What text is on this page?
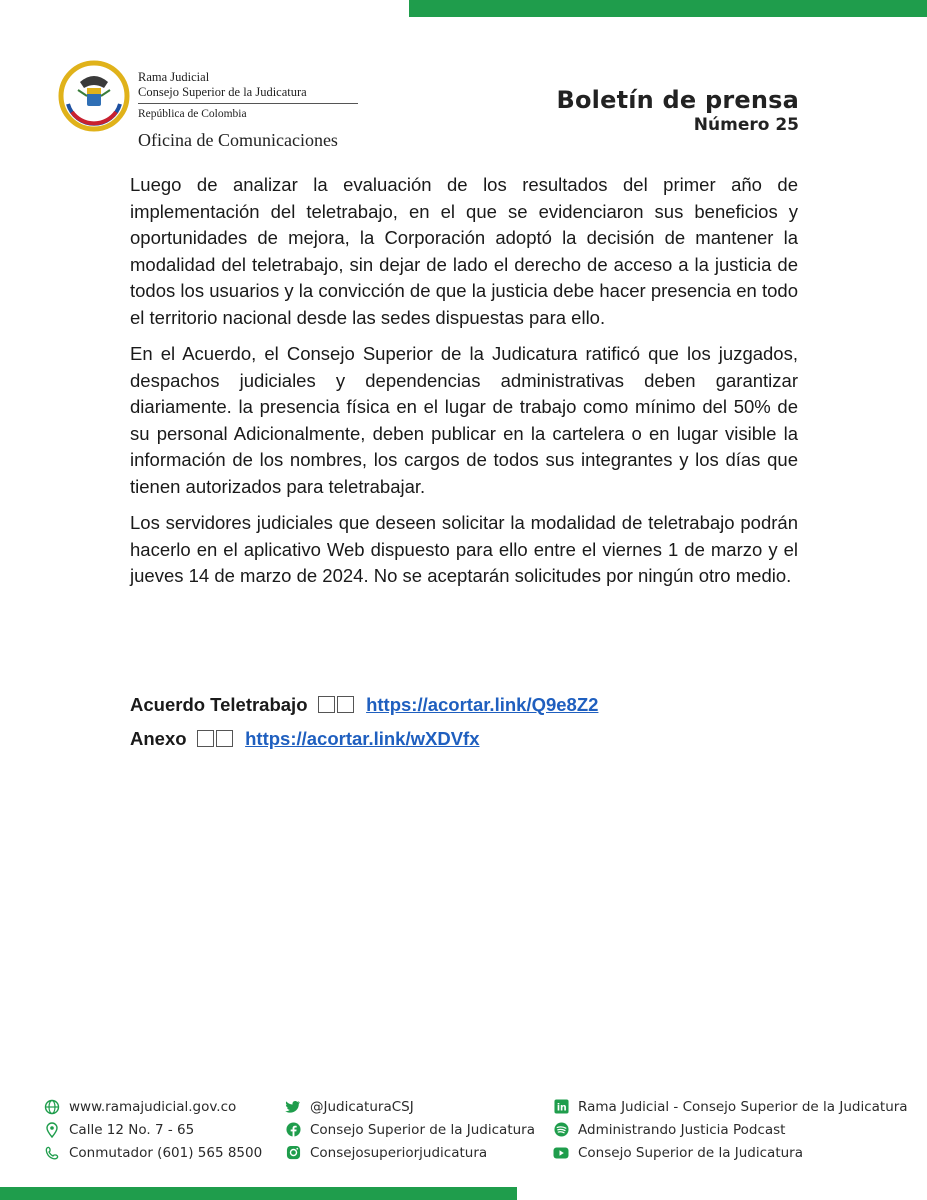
Rama Judicial
Consejo Superior de la Judicatura
República de Colombia
Oficina de Comunicaciones
Boletín de prensa
Número 25

Luego de analizar la evaluación de los resultados del primer año de implementación del teletrabajo, en el que se evidenciaron sus beneficios y oportunidades de mejora, la Corporación adoptó la decisión de mantener la modalidad del teletrabajo, sin dejar de lado el derecho de acceso a la justicia de todos los usuarios y la convicción de que la justicia debe hacer presencia en todo el territorio nacional desde las sedes dispuestas para ello.

En el Acuerdo, el Consejo Superior de la Judicatura ratificó que los juzgados, despachos judiciales y dependencias administrativas deben garantizar diariamente. la presencia física en el lugar de trabajo como mínimo del 50% de su personal Adicionalmente, deben publicar en la cartelera o en lugar visible la información de los nombres, los cargos de todos sus integrantes y los días que tienen autorizados para teletrabajar.

Los servidores judiciales que deseen solicitar la modalidad de teletrabajo podrán hacerlo en el aplicativo Web dispuesto para ello entre el viernes 1 de marzo y el jueves 14 de marzo de 2024. No se aceptarán solicitudes por ningún otro medio.

Acuerdo Teletrabajo	https://acortar.link/Q9e8Z2
Anexo	https://acortar.link/wXDVfx
www.ramajudicial.gov.co
Calle 12 No. 7 - 65
Conmutador (601) 565 8500
@JudicaturaCSJ
Consejo Superior de la Judicatura
Consejosuperiorjudicatura
in Rama Judicial - Consejo Superior de la Judicatura
Administrando Justicia Podcast
Consejo Superior de la Judicatura
